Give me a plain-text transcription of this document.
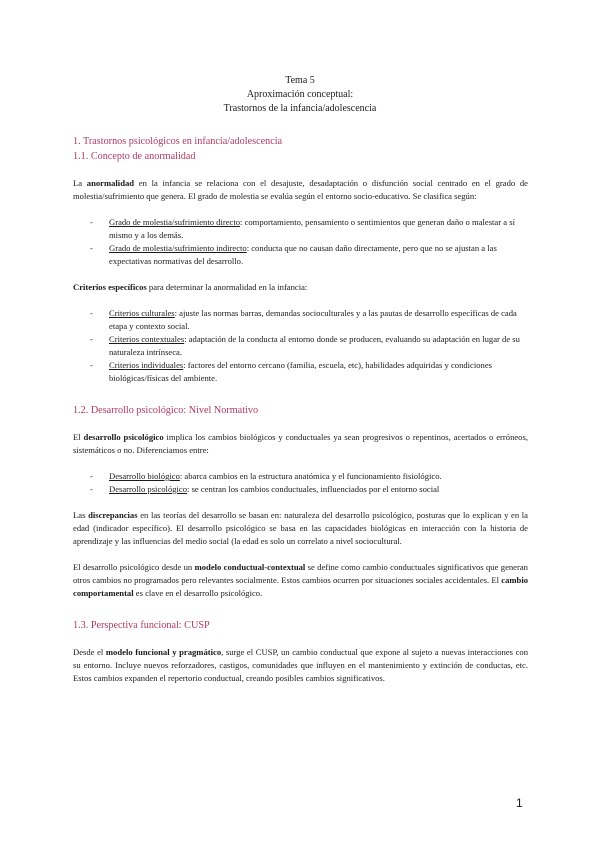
Tema 5
Aproximación conceptual:
Trastornos de la infancia/adolescencia
1. Trastornos psicológicos en infancia/adolescencia
1.1. Concepto de anormalidad

La anormalidad en la infancia se relaciona con el desajuste, desadaptación o disfunción social centrado en el grado de molestia/sufrimiento que genera. El grado de molestia se evalúa según el entorno socio-educativo. Se clasifica según:

- Grado de molestia/sufrimiento directo: comportamiento, pensamiento o sentimientos que generan daño o malestar a sí mismo y a los demás.
- Grado de molestia/sufrimiento indirecto: conducta que no causan daño directamente, pero que no se ajustan a las expectativas normativas del desarrollo.

Criterios específicos para determinar la anormalidad en la infancia:

- Criterios culturales: ajuste las normas barras, demandas socioculturales y a las pautas de desarrollo específicas de cada etapa y contexto social.
- Criterios contextuales: adaptación de la conducta al entorno donde se producen, evaluando su adaptación en lugar de su naturaleza intrínseca.
- Criterios individuales: factores del entorno cercano (familia, escuela, etc), habilidades adquiridas y condiciones biológicas/físicas del ambiente.
1.2. Desarrollo psicológico: Nivel Normativo

El desarrollo psicológico implica los cambios biológicos y conductuales ya sean progresivos o repentinos, acertados o erróneos, sistemáticos o no. Diferenciamos entre:

- Desarrollo biológico: abarca cambios en la estructura anatómica y el funcionamiento fisiológico.
- Desarrollo psicológico: se centran los cambios conductuales, influenciados por el entorno social

Las discrepancias en las teorías del desarrollo se basan en: naturaleza del desarrollo psicológico, posturas que lo explican y en la edad (indicador específico). El desarrollo psicológico se basa en las capacidades biológicas en interacción con la historia de aprendizaje y las influencias del medio social (la edad es solo un correlato a nivel sociocultural.

El desarrollo psicológico desde un modelo conductual-contextual se define como cambio conductuales significativos que generan otros cambios no programados pero relevantes socialmente. Estos cambios ocurren por situaciones sociales accidentales. El cambio comportamental es clave en el desarrollo psicológico.

1.3. Perspectiva funcional: CUSP

Desde el modelo funcional y pragmático, surge el CUSP, un cambio conductual que expone al sujeto a nuevas interacciones con su entorno. Incluye nuevos reforzadores, castigos, comunidades que influyen en el mantenimiento y extinción de conductas, etc. Estos cambios expanden el repertorio conductual, creando posibles cambios significativos.

1
